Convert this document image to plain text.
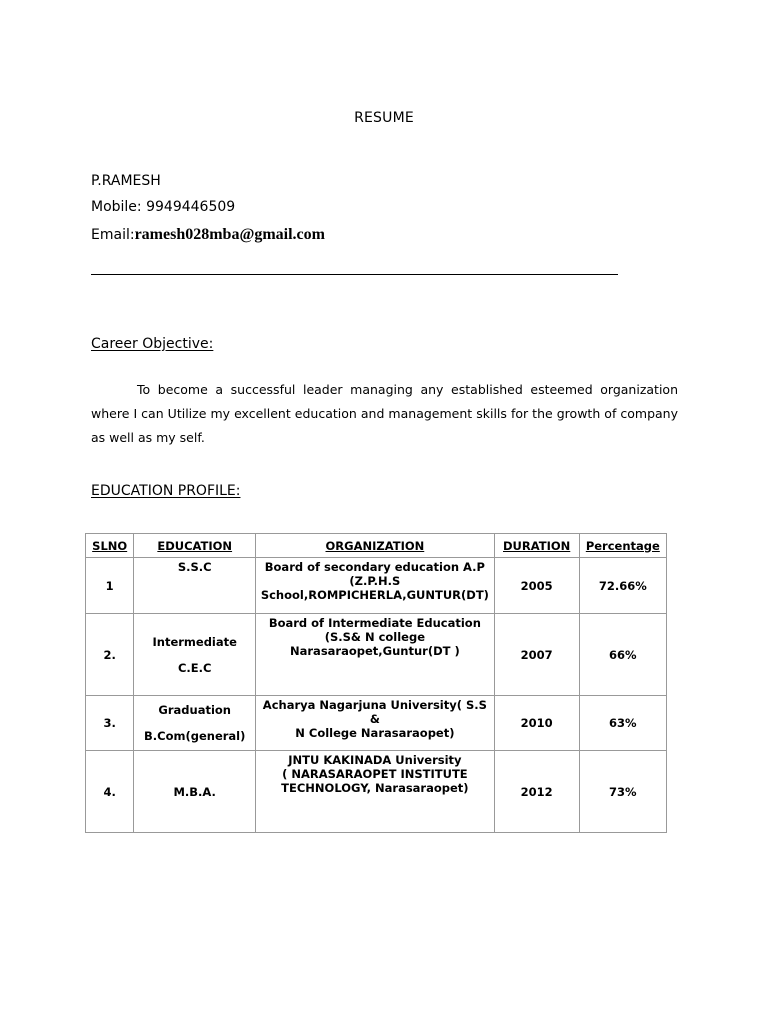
RESUME
P.RAMESH
Mobile: 9949446509
Email:ramesh028mba@gmail.com
Career Objective:

To become a successful leader managing any established esteemed organization where I can Utilize my excellent education and management skills for the growth of company as well as my self.

EDUCATION PROFILE:
SLNO	EDUCATION	ORGANIZATION	DURATION	Percentage
1	S.S.C	Board of secondary education A.P
(Z.P.H.S
School,ROMPICHERLA,GUNTUR(DT)	2005	72.66%
2.	Intermediate
C.E.C	Board of Intermediate Education
(S.S& N college
Narasaraopet,Guntur(DT )	2007	66%
3.	Graduation
B.Com(general)	Acharya Nagarjuna University( S.S &
N College Narasaraopet)	2010	63%
4.	M.B.A.	JNTU KAKINADA University
( NARASARAOPET INSTITUTE
TECHNOLOGY, Narasaraopet)	2012	73%
